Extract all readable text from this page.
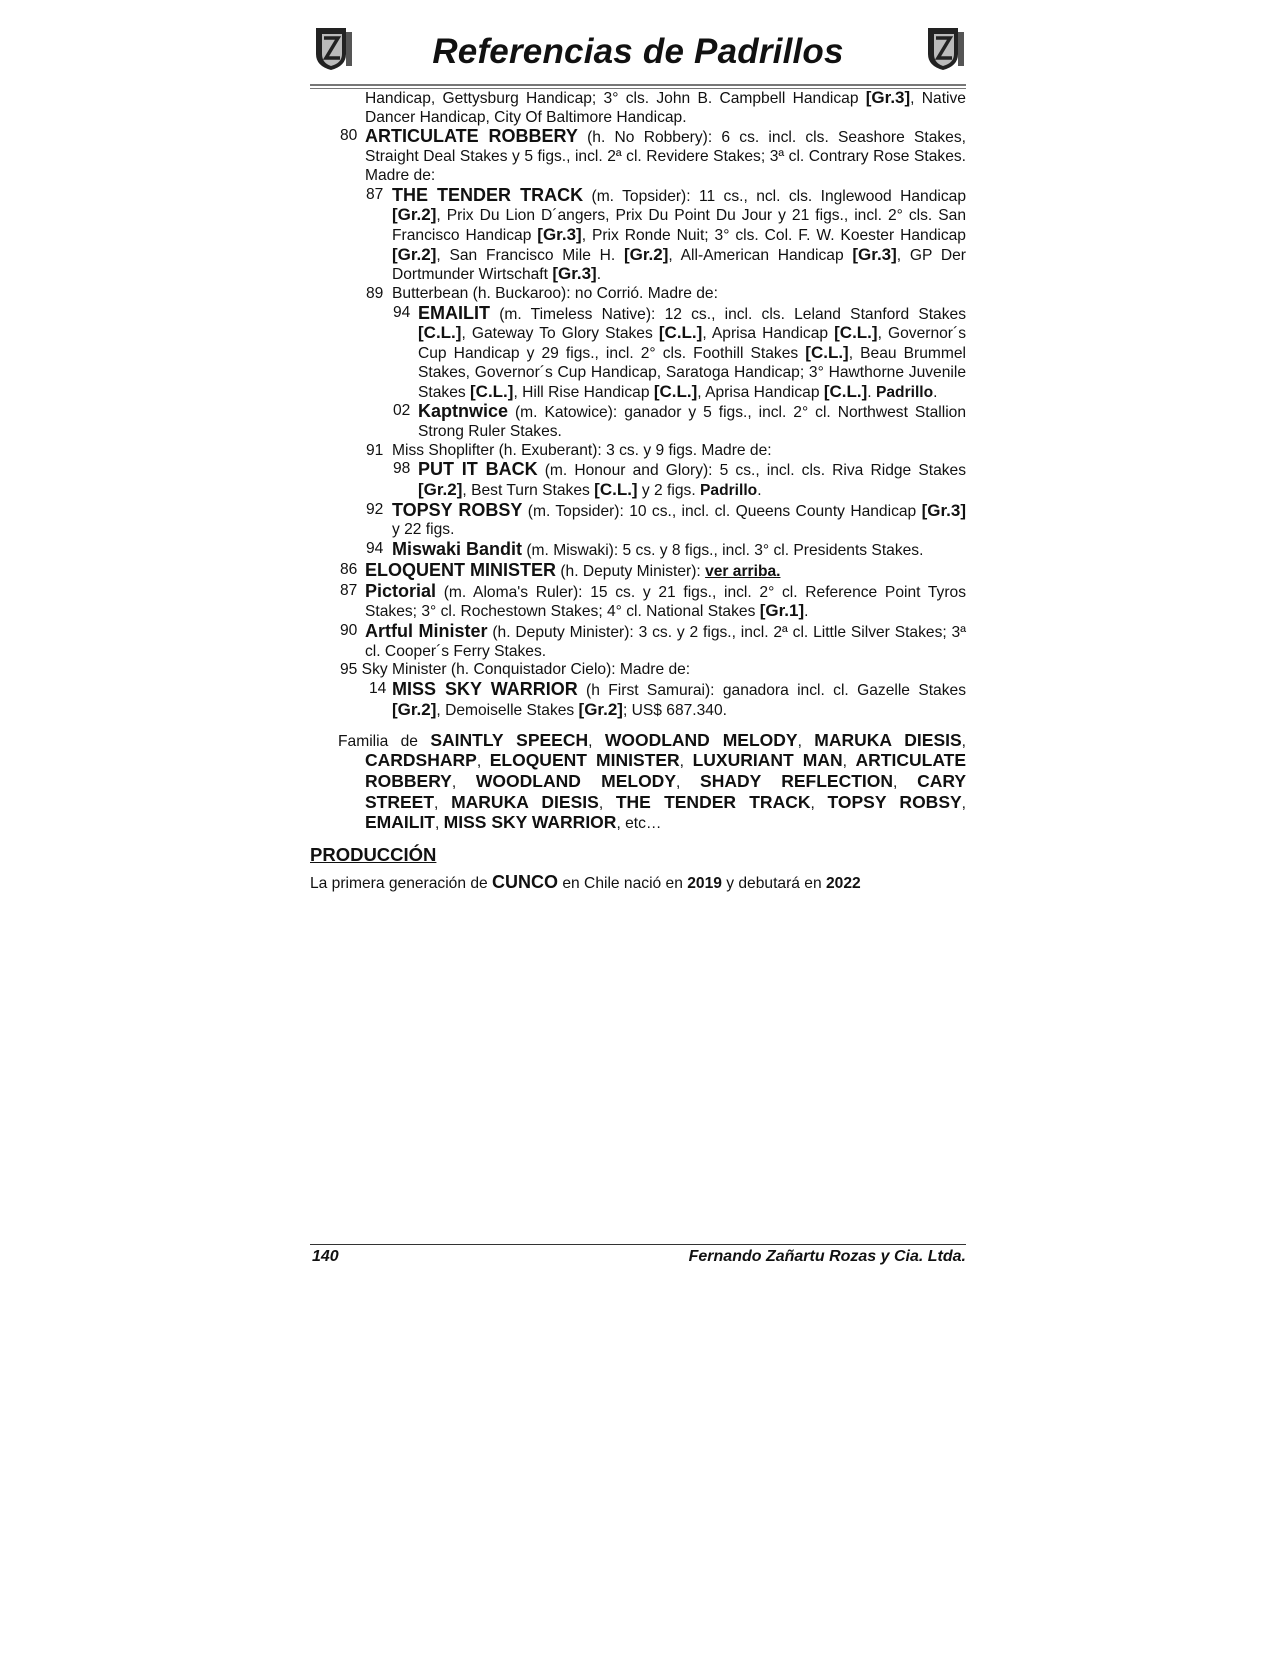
Referencias de Padrillos
Handicap, Gettysburg Handicap; 3° cls. John B. Campbell Handicap [Gr.3], Native Dancer Handicap, City Of Baltimore Handicap.
80 ARTICULATE ROBBERY (h. No Robbery): 6 cs. incl. cls. Seashore Stakes, Straight Deal Stakes y 5 figs., incl. 2ª cl. Revidere Stakes; 3ª cl. Contrary Rose Stakes. Madre de:
87 THE TENDER TRACK (m. Topsider): 11 cs., ncl. cls. Inglewood Handicap [Gr.2], Prix Du Lion D´angers, Prix Du Point Du Jour y 21 figs., incl. 2° cls. San Francisco Handicap [Gr.3], Prix Ronde Nuit; 3° cls. Col. F. W. Koester Handicap [Gr.2], San Francisco Mile H. [Gr.2], All-American Handicap [Gr.3], GP Der Dortmunder Wirtschaft [Gr.3].
89 Butterbean (h. Buckaroo): no Corrió. Madre de:
94 EMAILIT (m. Timeless Native): 12 cs., incl. cls. Leland Stanford Stakes [C.L.], Gateway To Glory Stakes [C.L.], Aprisa Handicap [C.L.], Governor´s Cup Handicap y 29 figs., incl. 2° cls. Foothill Stakes [C.L.], Beau Brummel Stakes, Governor´s Cup Handicap, Saratoga Handicap; 3° Hawthorne Juvenile Stakes [C.L.], Hill Rise Handicap [C.L.], Aprisa Handicap [C.L.]. Padrillo.
02 Kaptnwice (m. Katowice): ganador y 5 figs., incl. 2° cl. Northwest Stallion Strong Ruler Stakes.
91 Miss Shoplifter (h. Exuberant): 3 cs. y 9 figs. Madre de:
98 PUT IT BACK (m. Honour and Glory): 5 cs., incl. cls. Riva Ridge Stakes [Gr.2], Best Turn Stakes [C.L.] y 2 figs. Padrillo.
92 TOPSY ROBSY (m. Topsider): 10 cs., incl. cl. Queens County Handicap [Gr.3] y 22 figs.
94 Miswaki Bandit (m. Miswaki): 5 cs. y 8 figs., incl. 3° cl. Presidents Stakes.
86 ELOQUENT MINISTER (h. Deputy Minister): ver arriba.
87 Pictorial (m. Aloma's Ruler): 15 cs. y 21 figs., incl. 2° cl. Reference Point Tyros Stakes; 3° cl. Rochestown Stakes; 4° cl. National Stakes [Gr.1].
90 Artful Minister (h. Deputy Minister): 3 cs. y 2 figs., incl. 2ª cl. Little Silver Stakes; 3ª cl. Cooper´s Ferry Stakes.
95 Sky Minister (h. Conquistador Cielo): Madre de:
14 MISS SKY WARRIOR (h First Samurai): ganadora incl. cl. Gazelle Stakes [Gr.2], Demoiselle Stakes [Gr.2]; US$ 687.340.
Familia de SAINTLY SPEECH, WOODLAND MELODY, MARUKA DIESIS, CARDSHARP, ELOQUENT MINISTER, LUXURIANT MAN, ARTICULATE ROBBERY, WOODLAND MELODY, SHADY REFLECTION, CARY STREET, MARUKA DIESIS, THE TENDER TRACK, TOPSY ROBSY, EMAILIT, MISS SKY WARRIOR, etc…
PRODUCCIÓN
La primera generación de CUNCO en Chile nació en 2019 y debutará en 2022
140	Fernando Zañartu Rozas y Cia. Ltda.
